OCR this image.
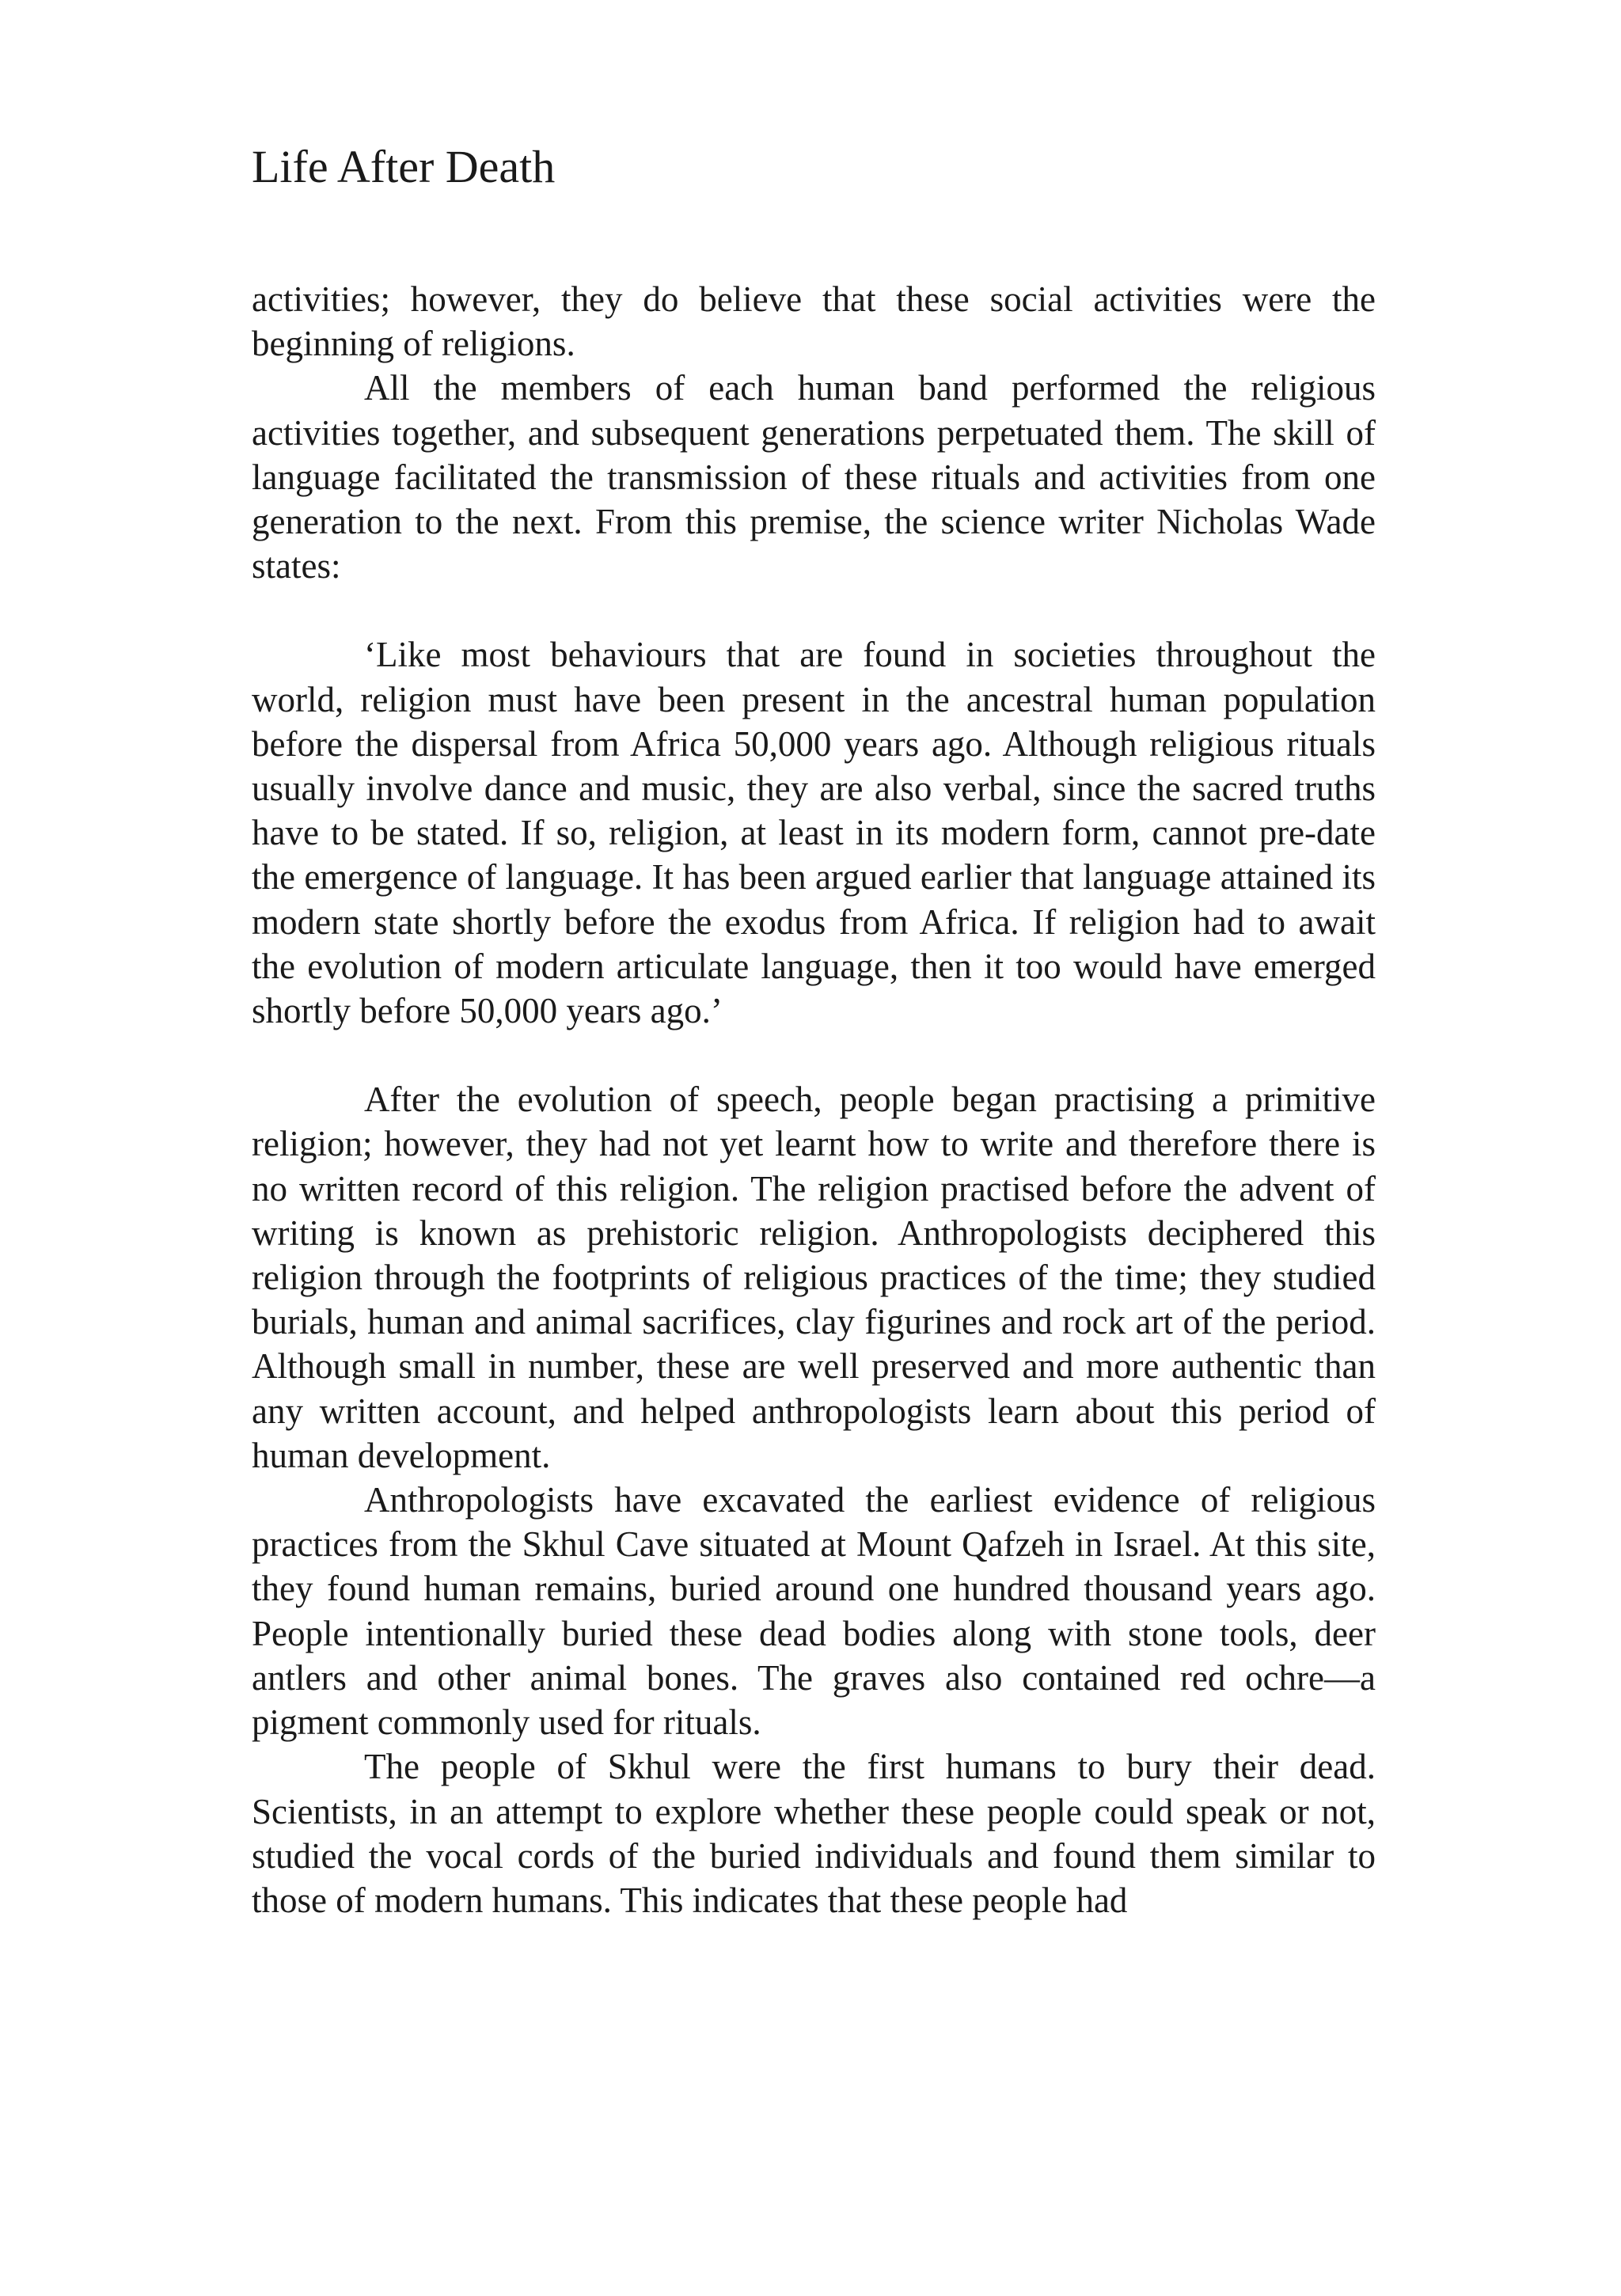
Life After Death

activities; however, they do believe that these social activities were the beginning of religions.

All the members of each human band performed the religious activities together, and subsequent generations perpetuated them. The skill of language facilitated the transmission of these rituals and activities from one generation to the next. From this premise, the science writer Nicholas Wade states:

‘Like most behaviours that are found in societies throughout the world, religion must have been present in the ancestral human population before the dispersal from Africa 50,000 years ago. Although religious rituals usually involve dance and music, they are also verbal, since the sacred truths have to be stated. If so, religion, at least in its modern form, cannot pre-date the emergence of language. It has been argued earlier that language attained its modern state shortly before the exodus from Africa. If religion had to await the evolution of modern articulate language, then it too would have emerged shortly before 50,000 years ago.’

After the evolution of speech, people began practising a primitive religion; however, they had not yet learnt how to write and therefore there is no written record of this religion. The religion practised before the advent of writing is known as prehistoric religion. Anthropologists deciphered this religion through the footprints of religious practices of the time; they studied burials, human and animal sacrifices, clay figurines and rock art of the period. Although small in number, these are well preserved and more authentic than any written account, and helped anthropologists learn about this period of human development.

Anthropologists have excavated the earliest evidence of religious practices from the Skhul Cave situated at Mount Qafzeh in Israel. At this site, they found human remains, buried around one hundred thousand years ago. People intentionally buried these dead bodies along with stone tools, deer antlers and other animal bones. The graves also contained red ochre—a pigment commonly used for rituals.

The people of Skhul were the first humans to bury their dead. Scientists, in an attempt to explore whether these people could speak or not, studied the vocal cords of the buried individuals and found them similar to those of modern humans. This indicates that these people had
